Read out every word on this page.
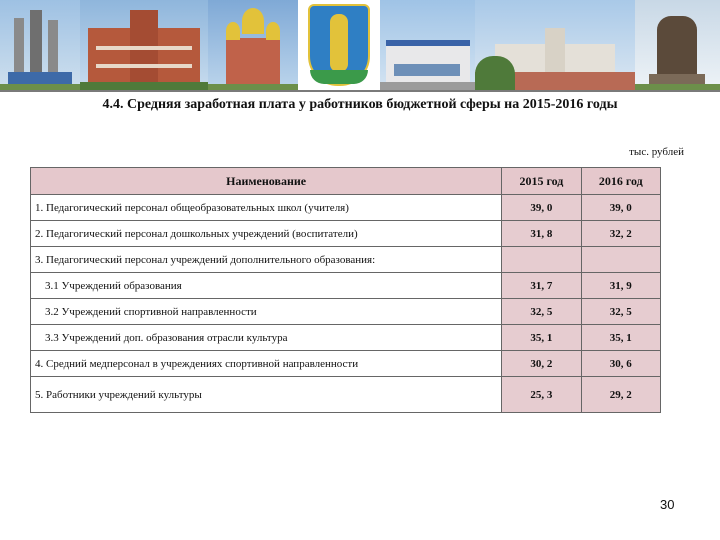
4.4. Средняя заработная плата у работников бюджетной сферы на 2015-2016 годы
тыс. рублей
Наименование	2015 год	2016 год
1. Педагогический персонал общеобразовательных школ (учителя)	39, 0	39, 0
2. Педагогический персонал дошкольных учреждений (воспитатели)	31, 8	32, 2
3. Педагогический персонал учреждений дополнительного образования:		
3.1 Учреждений образования	31, 7	31, 9
3.2 Учреждений спортивной направленности	32, 5	32, 5
3.3 Учреждений доп. образования отрасли культура	35, 1	35, 1
4. Средний медперсонал в учреждениях спортивной направленности	30, 2	30, 6
5. Работники учреждений культуры	25, 3	29, 2
30
